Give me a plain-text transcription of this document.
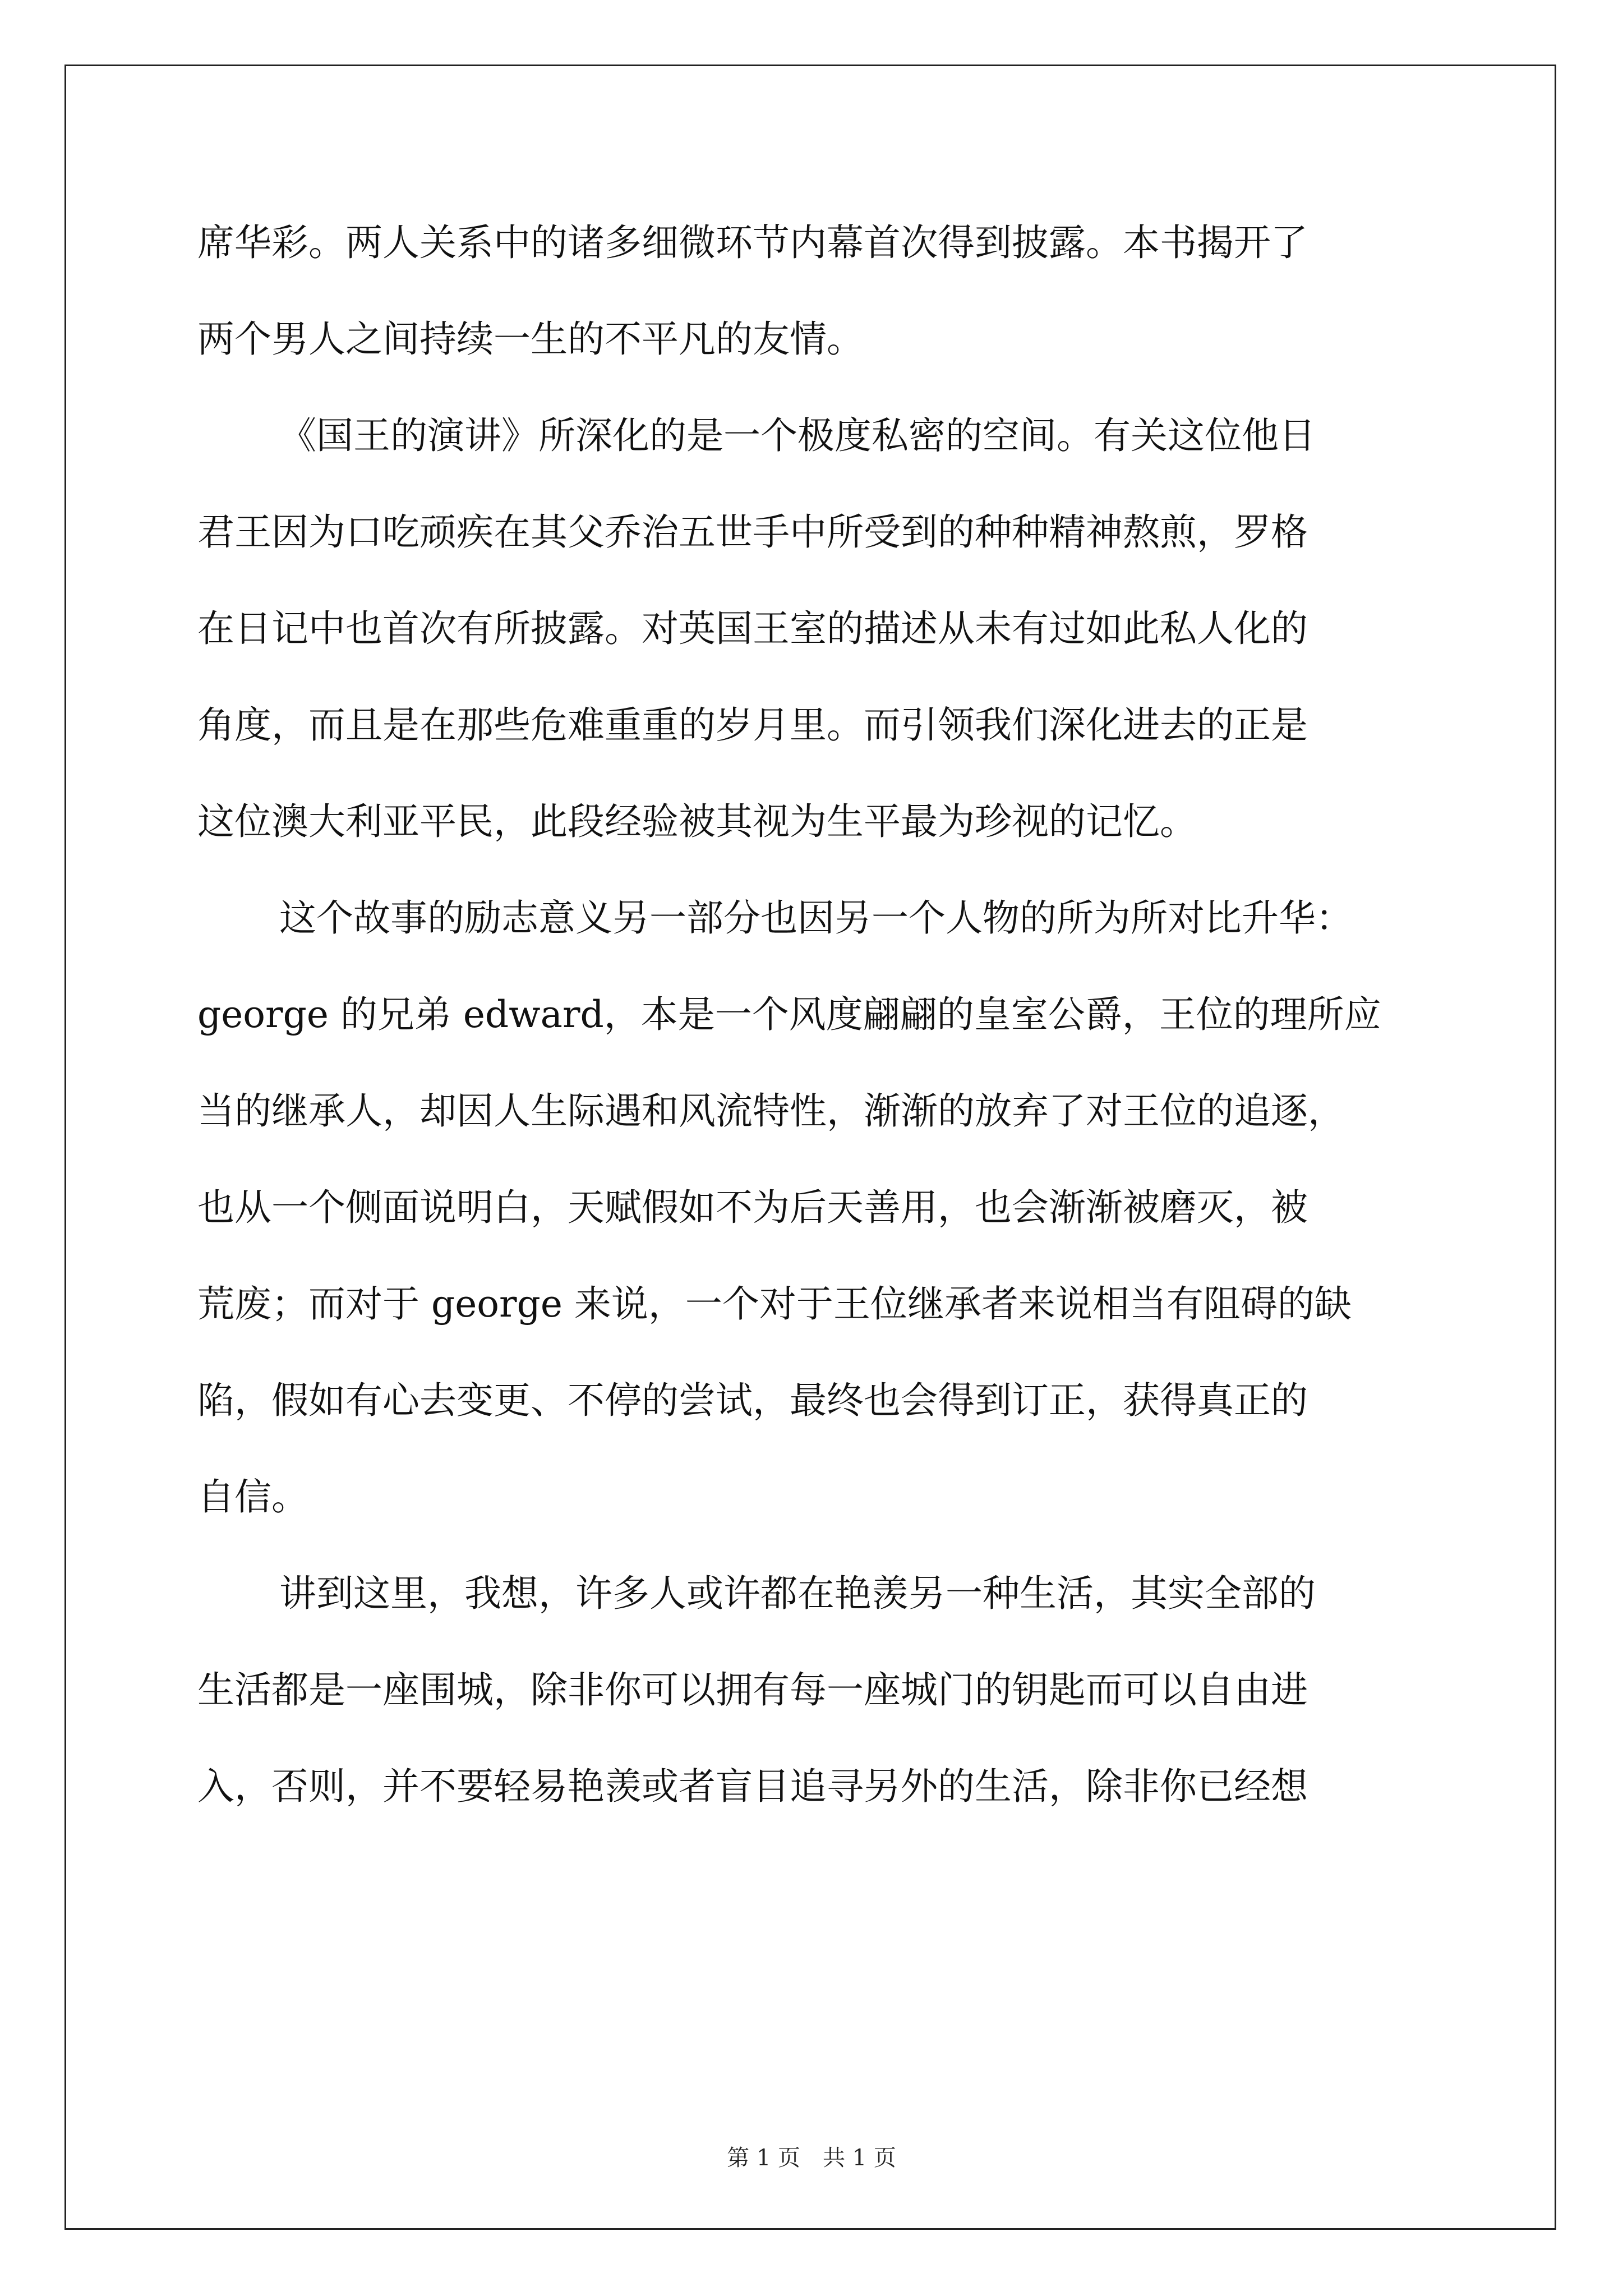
席华彩。两人关系中的诸多细微环节内幕首次得到披露。本书揭开了
两个男人之间持续一生的不平凡的友情。
《国王的演讲》所深化的是一个极度私密的空间。有关这位他日
君王因为口吃顽疾在其父乔治五世手中所受到的种种精神熬煎，罗格
在日记中也首次有所披露。对英国王室的描述从未有过如此私人化的
角度，而且是在那些危难重重的岁月里。而引领我们深化进去的正是
这位澳大利亚平民，此段经验被其视为生平最为珍视的记忆。
这个故事的励志意义另一部分也因另一个人物的所为所对比升华：
george 的兄弟 edward，本是一个风度翩翩的皇室公爵，王位的理所应
当的继承人，却因人生际遇和风流特性，渐渐的放弃了对王位的追逐，
也从一个侧面说明白，天赋假如不为后天善用，也会渐渐被磨灭，被
荒废；而对于 george 来说，一个对于王位继承者来说相当有阻碍的缺
陷，假如有心去变更、不停的尝试，最终也会得到订正，获得真正的
自信。
讲到这里，我想，许多人或许都在艳羡另一种生活，其实全部的
生活都是一座围城，除非你可以拥有每一座城门的钥匙而可以自由进
入，否则，并不要轻易艳羡或者盲目追寻另外的生活，除非你已经想
第 1 页　共 1 页
